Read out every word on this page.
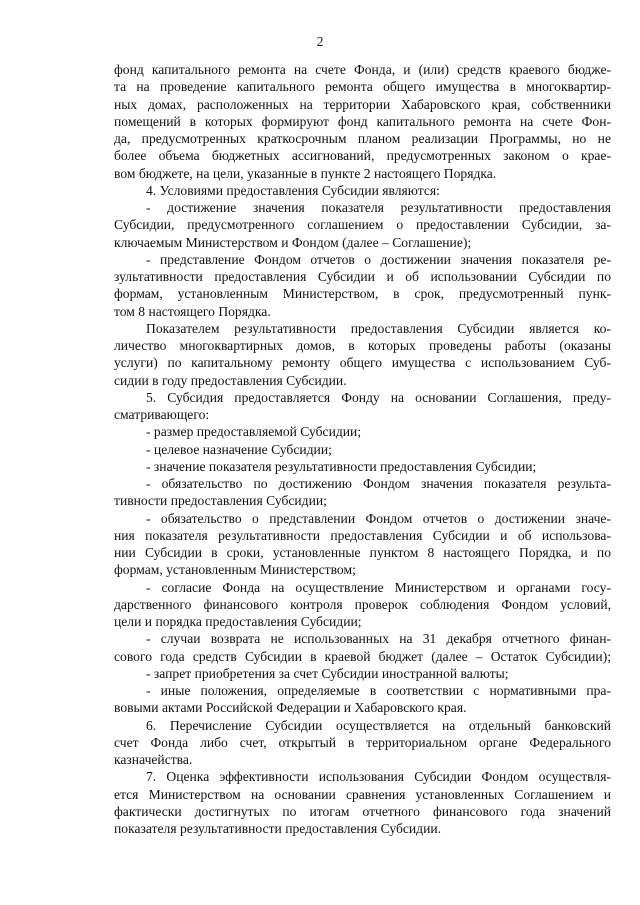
2
фонд капитального ремонта на счете Фонда, и (или) средств краевого бюдже-
та на проведение капитального ремонта общего имущества в многоквартир-
ных домах, расположенных на территории Хабаровского края, собственники
помещений в которых формируют фонд капитального ремонта на счете Фон-
да, предусмотренных краткосрочным планом реализации Программы, но не
более объема бюджетных ассигнований, предусмотренных законом о крае-
вом бюджете, на цели, указанные в пункте 2 настоящего Порядка.
4. Условиями предоставления Субсидии являются:
- достижение значения показателя результативности предоставления
Субсидии, предусмотренного соглашением о предоставлении Субсидии, за-
ключаемым Министерством и Фондом (далее – Соглашение);
- представление Фондом отчетов о достижении значения показателя ре-
зультативности предоставления Субсидии и об использовании Субсидии по
формам, установленным Министерством, в срок, предусмотренный пунк-
том 8 настоящего Порядка.
Показателем результативности предоставления Субсидии является ко-
личество многоквартирных домов, в которых проведены работы (оказаны
услуги) по капитальному ремонту общего имущества с использованием Суб-
сидии в году предоставления Субсидии.
5. Субсидия предоставляется Фонду на основании Соглашения, преду-
сматривающего:
- размер предоставляемой Субсидии;
- целевое назначение Субсидии;
- значение показателя результативности предоставления Субсидии;
- обязательство по достижению Фондом значения показателя результа-
тивности предоставления Субсидии;
- обязательство о представлении Фондом отчетов о достижении значе-
ния показателя результативности предоставления Субсидии и об использова-
нии Субсидии в сроки, установленные пунктом 8 настоящего Порядка, и по
формам, установленным Министерством;
- согласие Фонда на осуществление Министерством и органами госу-
дарственного финансового контроля проверок соблюдения Фондом условий,
цели и порядка предоставления Субсидии;
- случаи возврата не использованных на 31 декабря отчетного финан-
сового года средств Субсидии в краевой бюджет (далее – Остаток Субсидии);
- запрет приобретения за счет Субсидии иностранной валюты;
- иные положения, определяемые в соответствии с нормативными пра-
вовыми актами Российской Федерации и Хабаровского края.
6. Перечисление Субсидии осуществляется на отдельный банковский
счет Фонда либо счет, открытый в территориальном органе Федерального
казначейства.
7. Оценка эффективности использования Субсидии Фондом осуществля-
ется Министерством на основании сравнения установленных Соглашением и
фактически достигнутых по итогам отчетного финансового года значений
показателя результативности предоставления Субсидии.
